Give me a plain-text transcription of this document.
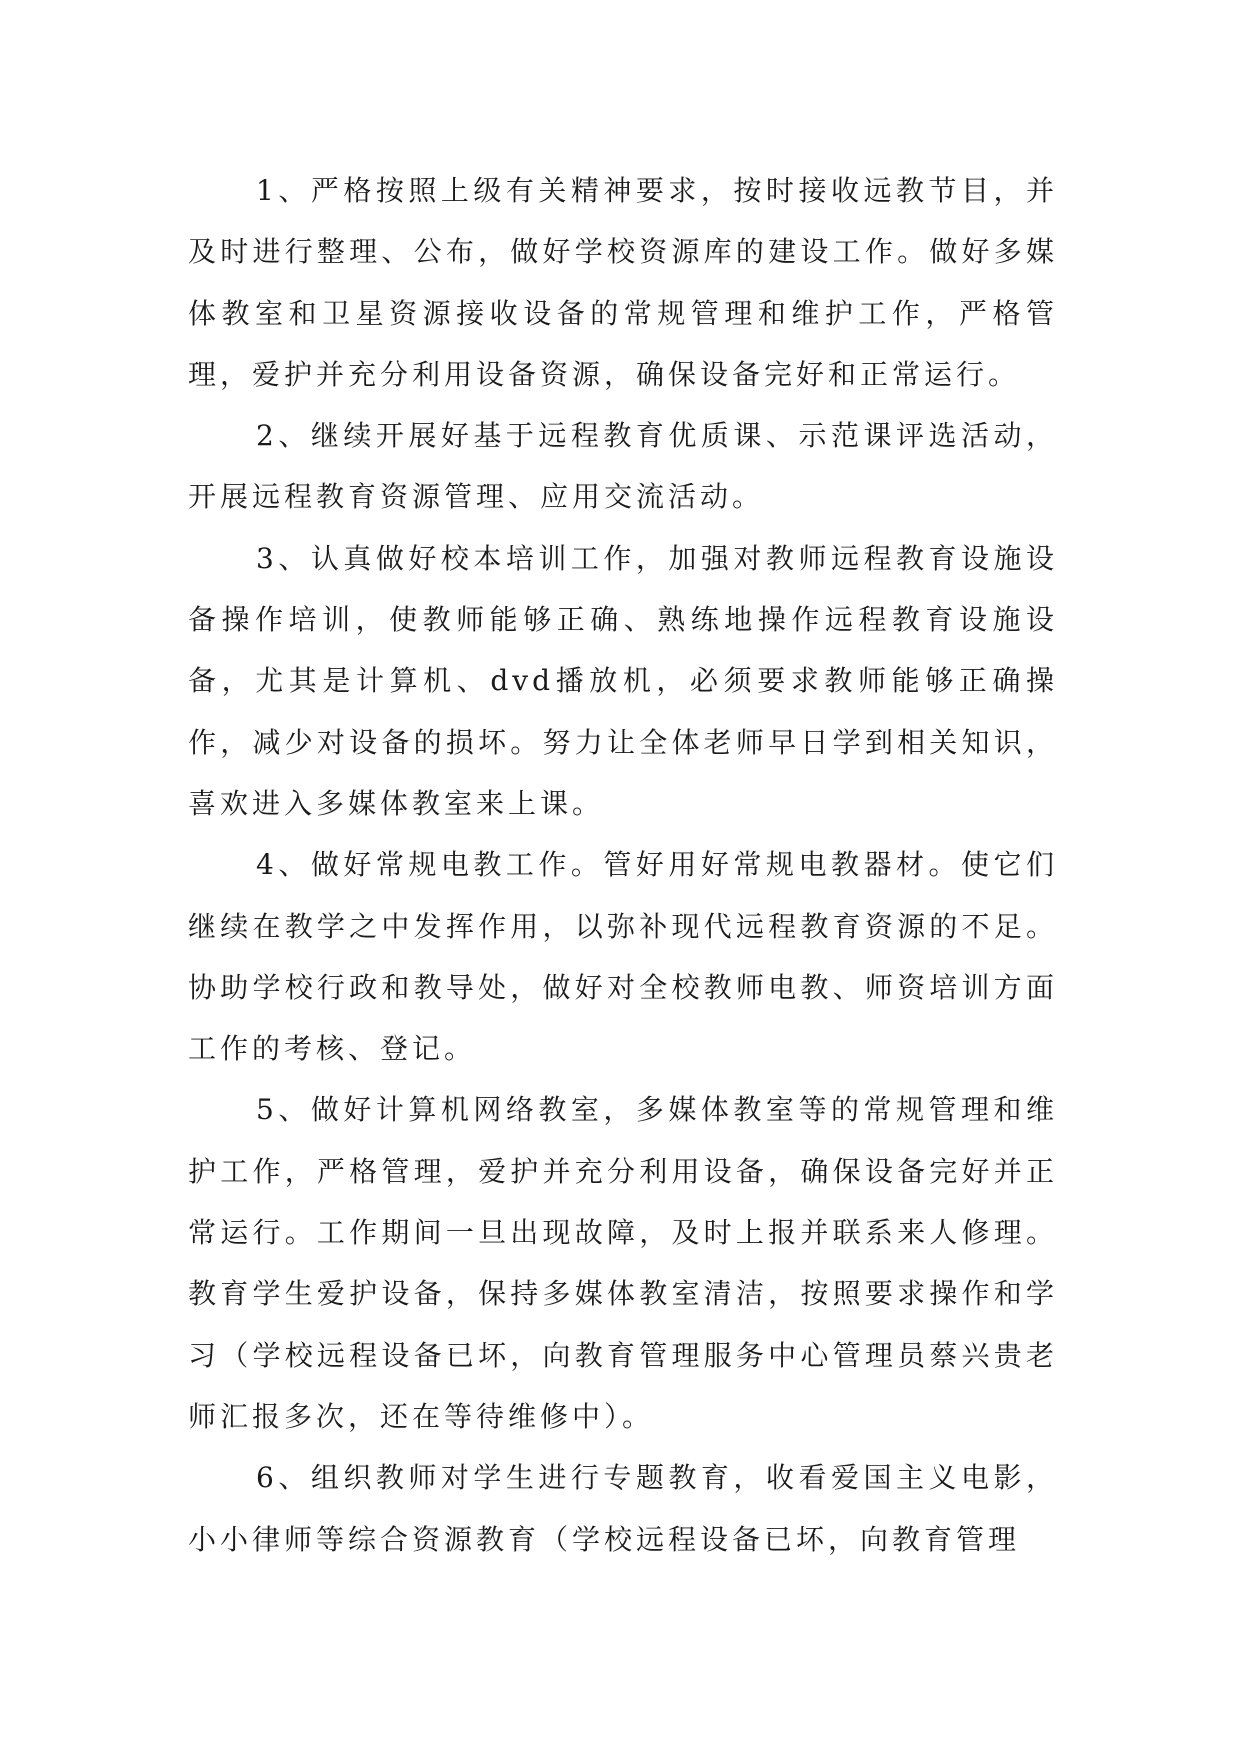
1、严格按照上级有关精神要求，按时接收远教节目，并及时进行整理、公布，做好学校资源库的建设工作。做好多媒体教室和卫星资源接收设备的常规管理和维护工作，严格管理，爱护并充分利用设备资源，确保设备完好和正常运行。

2、继续开展好基于远程教育优质课、示范课评选活动，开展远程教育资源管理、应用交流活动。

3、认真做好校本培训工作，加强对教师远程教育设施设备操作培训，使教师能够正确、熟练地操作远程教育设施设备，尤其是计算机、dvd播放机，必须要求教师能够正确操作，减少对设备的损坏。努力让全体老师早日学到相关知识，喜欢进入多媒体教室来上课。

4、做好常规电教工作。管好用好常规电教器材。使它们继续在教学之中发挥作用，以弥补现代远程教育资源的不足。协助学校行政和教导处，做好对全校教师电教、师资培训方面工作的考核、登记。

5、做好计算机网络教室，多媒体教室等的常规管理和维护工作，严格管理，爱护并充分利用设备，确保设备完好并正常运行。工作期间一旦出现故障，及时上报并联系来人修理。教育学生爱护设备，保持多媒体教室清洁，按照要求操作和学习（学校远程设备已坏，向教育管理服务中心管理员蔡兴贵老师汇报多次，还在等待维修中）。

6、组织教师对学生进行专题教育，收看爱国主义电影，小小律师等综合资源教育（学校远程设备已坏，向教育管理
